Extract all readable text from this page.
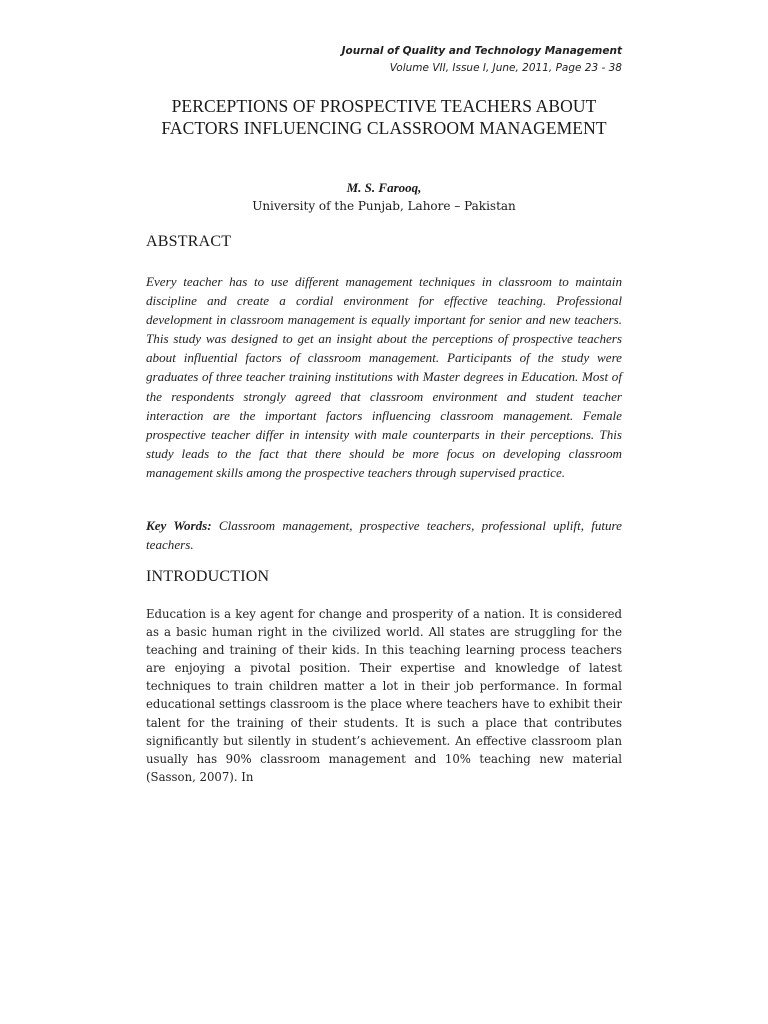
Journal of Quality and Technology Management
Volume VII, Issue I, June, 2011, Page 23 - 38
PERCEPTIONS OF PROSPECTIVE TEACHERS ABOUT FACTORS INFLUENCING CLASSROOM MANAGEMENT
M. S. Farooq,
University of the Punjab, Lahore – Pakistan
ABSTRACT

Every teacher has to use different management techniques in classroom to maintain discipline and create a cordial environment for effective teaching. Professional development in classroom management is equally important for senior and new teachers. This study was designed to get an insight about the perceptions of prospective teachers about influential factors of classroom management. Participants of the study were graduates of three teacher training institutions with Master degrees in Education. Most of the respondents strongly agreed that classroom environment and student teacher interaction are the important factors influencing classroom management. Female prospective teacher differ in intensity with male counterparts in their perceptions. This study leads to the fact that there should be more focus on developing classroom management skills among the prospective teachers through supervised practice.

Key Words: Classroom management, prospective teachers, professional uplift, future teachers.

INTRODUCTION

Education is a key agent for change and prosperity of a nation. It is considered as a basic human right in the civilized world. All states are struggling for the teaching and training of their kids. In this teaching learning process teachers are enjoying a pivotal position. Their expertise and knowledge of latest techniques to train children matter a lot in their job performance. In formal educational settings classroom is the place where teachers have to exhibit their talent for the training of their students. It is such a place that contributes significantly but silently in student’s achievement. An effective classroom plan usually has 90% classroom management and 10% teaching new material (Sasson, 2007). In
